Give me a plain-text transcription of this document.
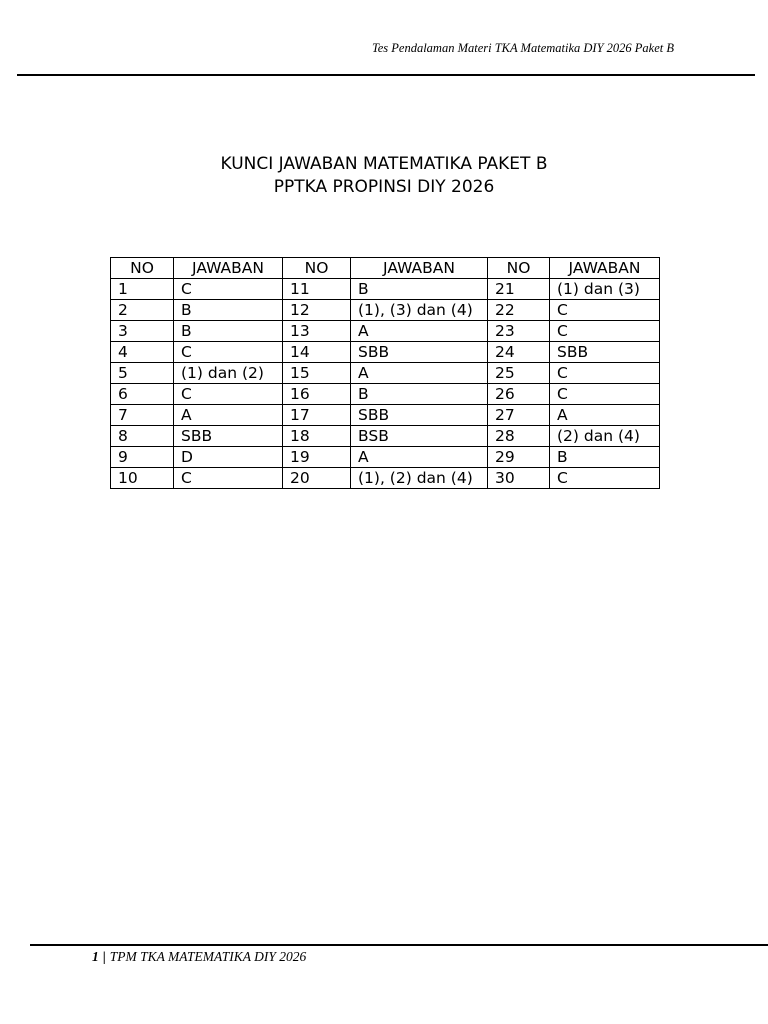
Tes Pendalaman Materi TKA Matematika DIY 2026 Paket B
KUNCI JAWABAN MATEMATIKA PAKET B
PPTKA PROPINSI DIY 2026
NO	JAWABAN	NO	JAWABAN	NO	JAWABAN
1	C	11	B	21	(1) dan (3)
2	B	12	(1), (3) dan (4)	22	C
3	B	13	A	23	C
4	C	14	SBB	24	SBB
5	(1) dan (2)	15	A	25	C
6	C	16	B	26	C
7	A	17	SBB	27	A
8	SBB	18	BSB	28	(2) dan (4)
9	D	19	A	29	B
10	C	20	(1), (2) dan (4)	30	C
1 | TPM TKA MATEMATIKA DIY 2026
